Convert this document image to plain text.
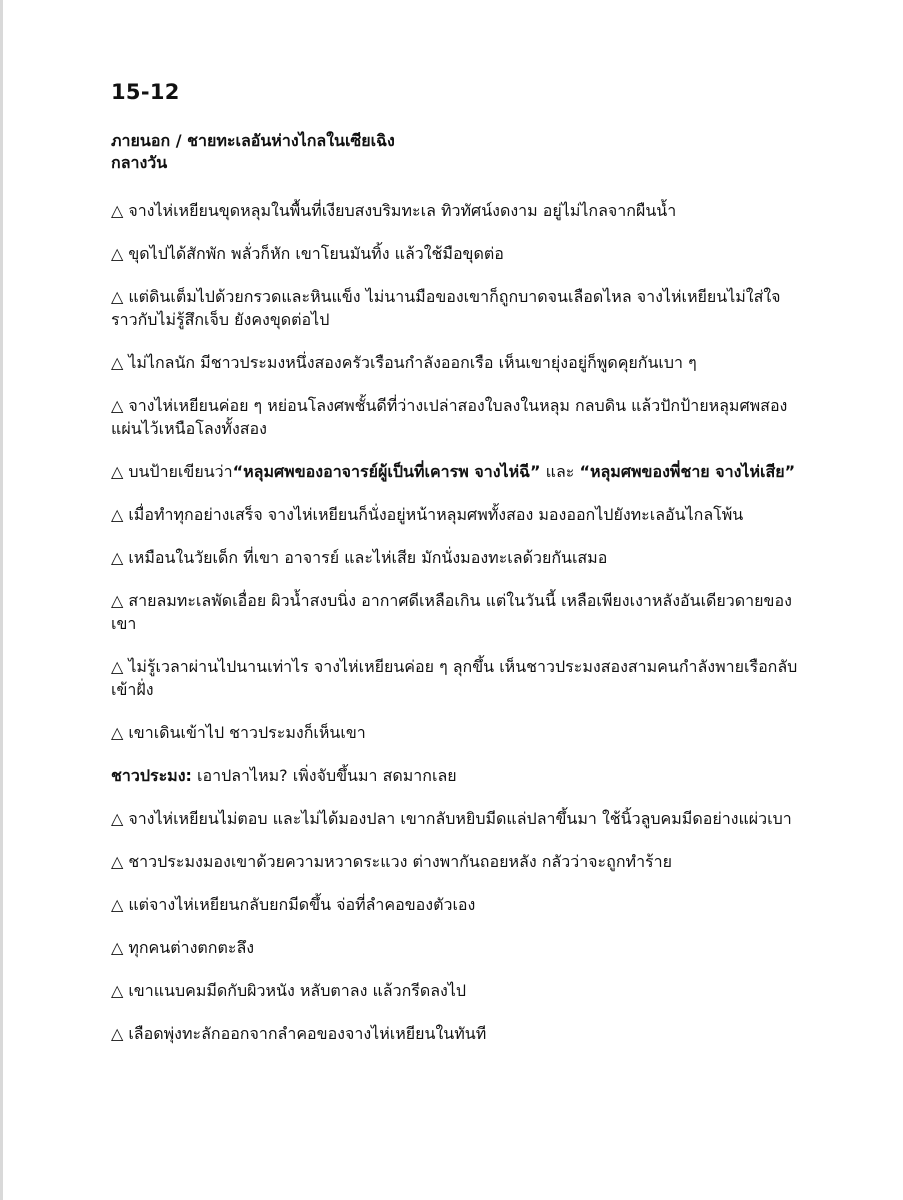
15-12
ภายนอก / ชายทะเลอันห่างไกลในเซียเฉิง
กลางวัน

△ จางไห่เหยียนขุดหลุมในพื้นที่เงียบสงบริมทะเล ทิวทัศน์งดงาม อยู่ไม่ไกลจากผืนน้ำ

△ ขุดไปได้สักพัก พลั่วก็หัก เขาโยนมันทิ้ง แล้วใช้มือขุดต่อ

△ แต่ดินเต็มไปด้วยกรวดและหินแข็ง ไม่นานมือของเขาก็ถูกบาดจนเลือดไหล จางไห่เหยียนไม่ใส่ใจ ราวกับไม่รู้สึกเจ็บ ยังคงขุดต่อไป

△ ไม่ไกลนัก มีชาวประมงหนึ่งสองครัวเรือนกำลังออกเรือ เห็นเขายุ่งอยู่ก็พูดคุยกันเบา ๆ

△ จางไห่เหยียนค่อย ๆ หย่อนโลงศพชั้นดีที่ว่างเปล่าสองใบลงในหลุม กลบดิน แล้วปักป้ายหลุมศพสองแผ่นไว้เหนือโลงทั้งสอง

△ บนป้ายเขียนว่า“หลุมศพของอาจารย์ผู้เป็นที่เคารพ จางไห่ฉี” และ “หลุมศพของพี่ชาย จางไห่เสีย”

△ เมื่อทำทุกอย่างเสร็จ จางไห่เหยียนก็นั่งอยู่หน้าหลุมศพทั้งสอง มองออกไปยังทะเลอันไกลโพ้น

△ เหมือนในวัยเด็ก ที่เขา อาจารย์ และไห่เสีย มักนั่งมองทะเลด้วยกันเสมอ

△ สายลมทะเลพัดเอื่อย ผิวน้ำสงบนิ่ง อากาศดีเหลือเกิน แต่ในวันนี้ เหลือเพียงเงาหลังอันเดียวดายของเขา

△ ไม่รู้เวลาผ่านไปนานเท่าไร จางไห่เหยียนค่อย ๆ ลุกขึ้น เห็นชาวประมงสองสามคนกำลังพายเรือกลับเข้าฝั่ง

△ เขาเดินเข้าไป ชาวประมงก็เห็นเขา

ชาวประมง: เอาปลาไหม? เพิ่งจับขึ้นมา สดมากเลย

△ จางไห่เหยียนไม่ตอบ และไม่ได้มองปลา เขากลับหยิบมีดแล่ปลาขึ้นมา ใช้นิ้วลูบคมมีดอย่างแผ่วเบา

△ ชาวประมงมองเขาด้วยความหวาดระแวง ต่างพากันถอยหลัง กลัวว่าจะถูกทำร้าย

△ แต่จางไห่เหยียนกลับยกมีดขึ้น จ่อที่ลำคอของตัวเอง

△ ทุกคนต่างตกตะลึง

△ เขาแนบคมมีดกับผิวหนัง หลับตาลง แล้วกรีดลงไป

△ เลือดพุ่งทะลักออกจากลำคอของจางไห่เหยียนในทันที
